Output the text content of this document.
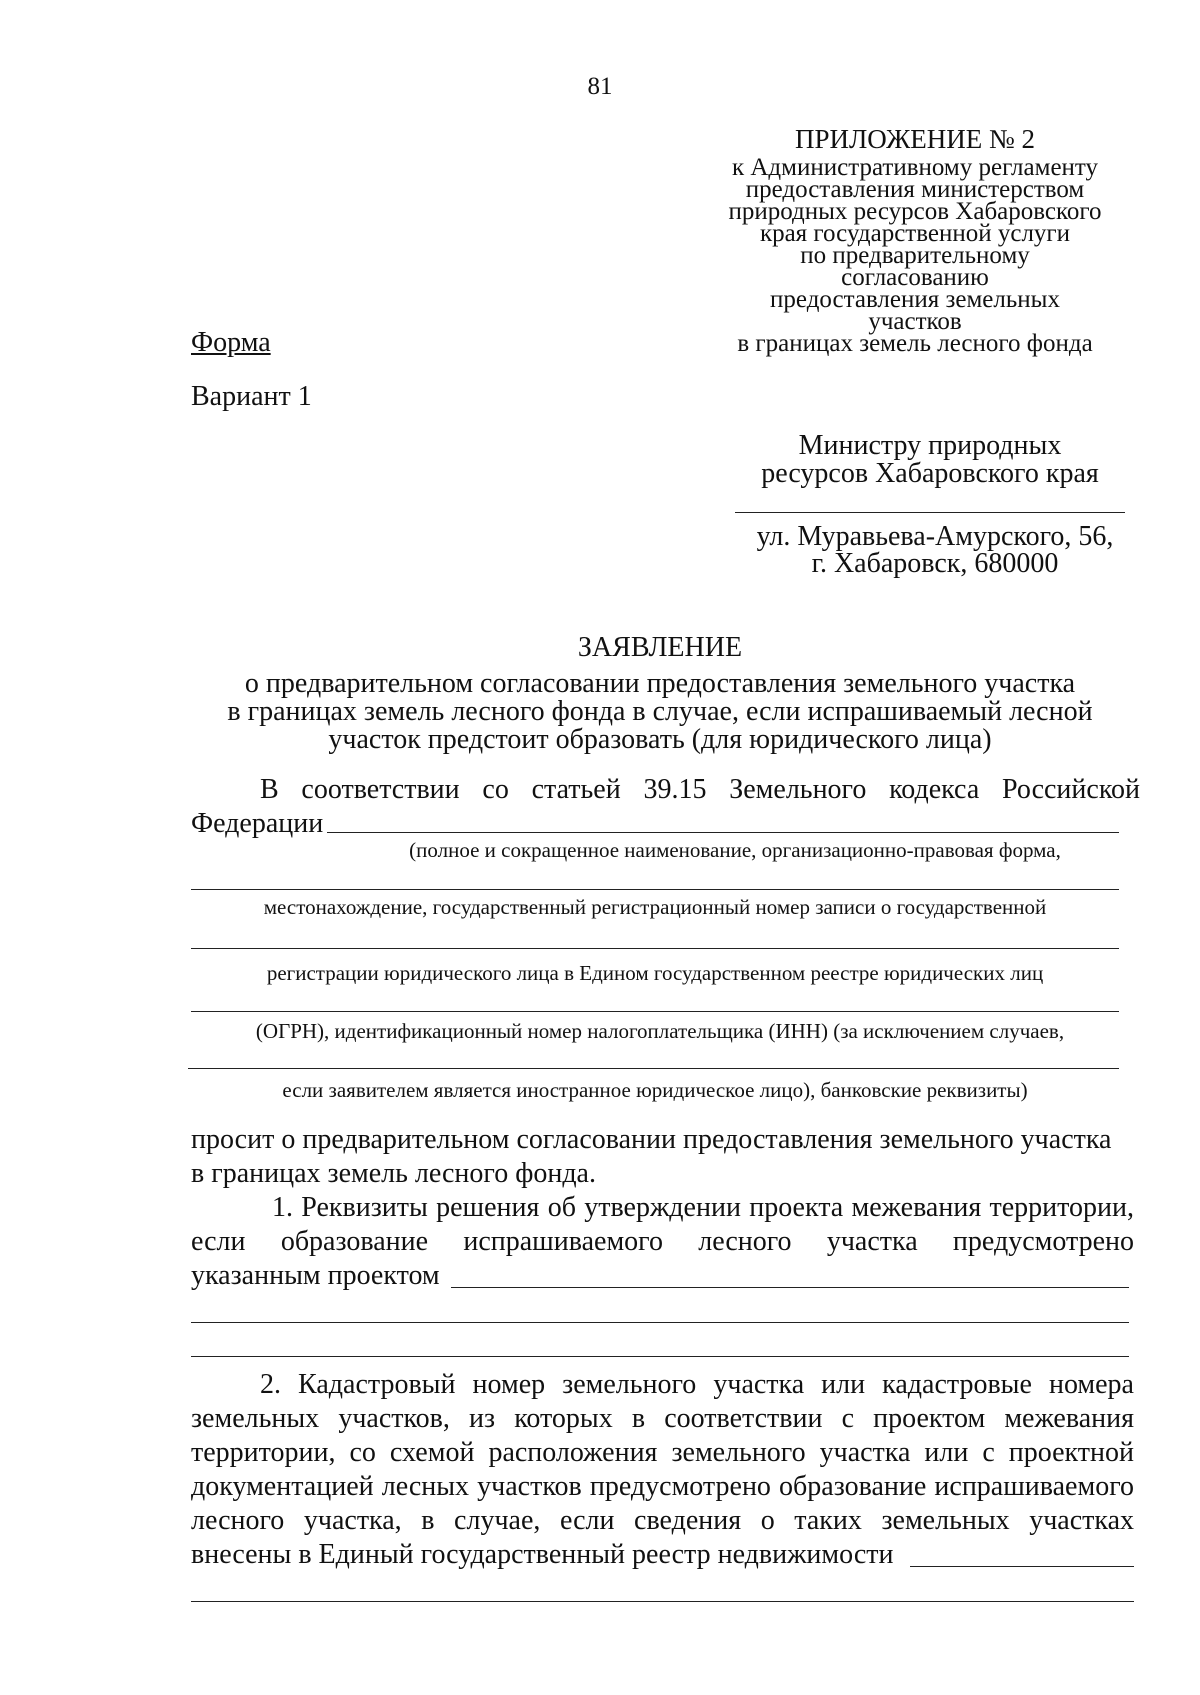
81
ПРИЛОЖЕНИЕ № 2
к Административному регламенту
предоставления министерством
природных ресурсов Хабаровского
края государственной услуги
по предварительному согласованию
предоставления земельных участков
в границах земель лесного фонда
Форма
Вариант 1
Министру природных
ресурсов Хабаровского края
ул. Муравьева-Амурского, 56,
г. Хабаровск, 680000
ЗАЯВЛЕНИЕ
о предварительном согласовании предоставления земельного участка
в границах земель лесного фонда в случае, если испрашиваемый лесной
участок предстоит образовать (для юридического лица)
В соответствии со статьей 39.15 Земельного кодекса Российской
Федерации
(полное и сокращенное наименование, организационно-правовая форма,
местонахождение, государственный регистрационный номер записи о государственной
регистрации юридического лица в Едином государственном реестре юридических лиц
(ОГРН), идентификационный номер налогоплательщика (ИНН) (за исключением случаев,
если заявителем является иностранное юридическое лицо), банковские реквизиты)
просит о предварительном согласовании предоставления земельного участка
в границах земель лесного фонда.
1. Реквизиты решения об утверждении проекта межевания территории,
если образование испрашиваемого лесного участка предусмотрено
указанным проектом
2. Кадастровый номер земельного участка или кадастровые номера
земельных участков, из которых в соответствии с проектом межевания
территории, со схемой расположения земельного участка или с проектной
документацией лесных участков предусмотрено образование испрашиваемого
лесного участка, в случае, если сведения о таких земельных участках
внесены в Единый государственный реестр недвижимости
